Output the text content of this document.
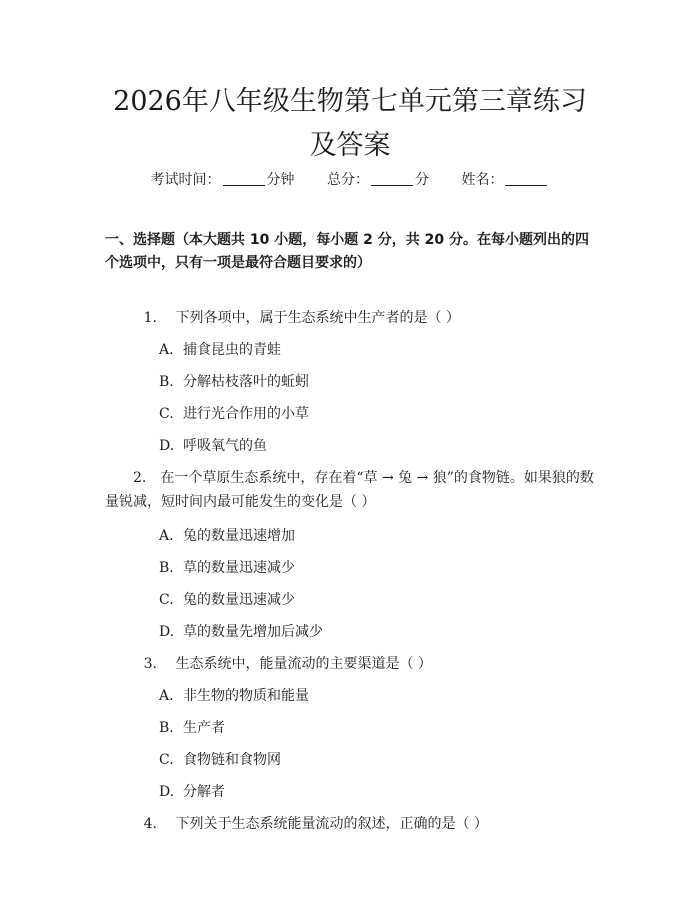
2026年八年级生物第七单元第三章练习及答案
考试时间：	分钟 总分：	分 姓名：
一、选择题（本大题共 10 小题，每小题 2 分，共 20 分。在每小题列出的四个选项中，只有一项是最符合题目要求的）
1. 下列各项中，属于生态系统中生产者的是（ ）
A. 捕食昆虫的青蛙
B. 分解枯枝落叶的蚯蚓
C. 进行光合作用的小草
D. 呼吸氧气的鱼
2. 在一个草原生态系统中，存在着“草 → 兔 → 狼”的食物链。如果狼的数量锐减，短时间内最可能发生的变化是（ ）
A. 兔的数量迅速增加
B. 草的数量迅速减少
C. 兔的数量迅速减少
D. 草的数量先增加后减少
3. 生态系统中，能量流动的主要渠道是（ ）
A. 非生物的物质和能量
B. 生产者
C. 食物链和食物网
D. 分解者
4. 下列关于生态系统能量流动的叙述，正确的是（ ）
